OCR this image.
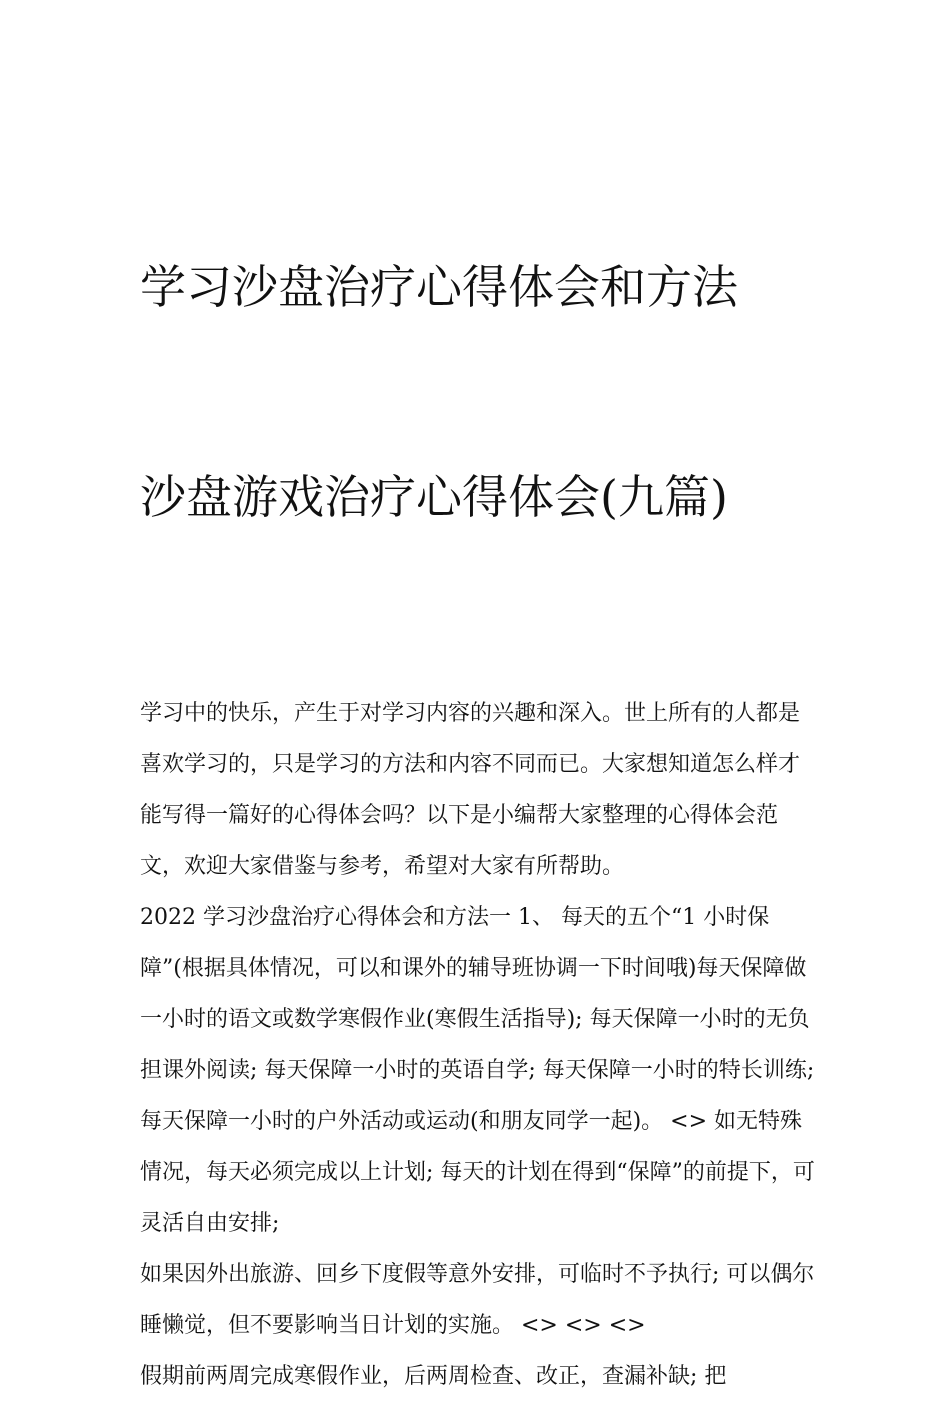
学习沙盘治疗心得体会和方法

沙盘游戏治疗心得体会(九篇)

学习中的快乐，产生于对学习内容的兴趣和深入。世上所有的人都是喜欢学习的，只是学习的方法和内容不同而已。大家想知道怎么样才能写得一篇好的心得体会吗？以下是小编帮大家整理的心得体会范文，欢迎大家借鉴与参考，希望对大家有所帮助。

2022 学习沙盘治疗心得体会和方法一 1、 每天的五个“1 小时保障”(根据具体情况，可以和课外的辅导班协调一下时间哦)每天保障做一小时的语文或数学寒假作业(寒假生活指导); 每天保障一小时的无负担课外阅读; 每天保障一小时的英语自学; 每天保障一小时的特长训练;

每天保障一小时的户外活动或运动(和朋友同学一起)。 <> 如无特殊情况，每天必须完成以上计划; 每天的计划在得到“保障”的前提下，可灵活自由安排;

如果因外出旅游、回乡下度假等意外安排，可临时不予执行; 可以偶尔睡懒觉，但不要影响当日计划的实施。 <> <> <>

假期前两周完成寒假作业，后两周检查、改正，查漏补缺; 把
